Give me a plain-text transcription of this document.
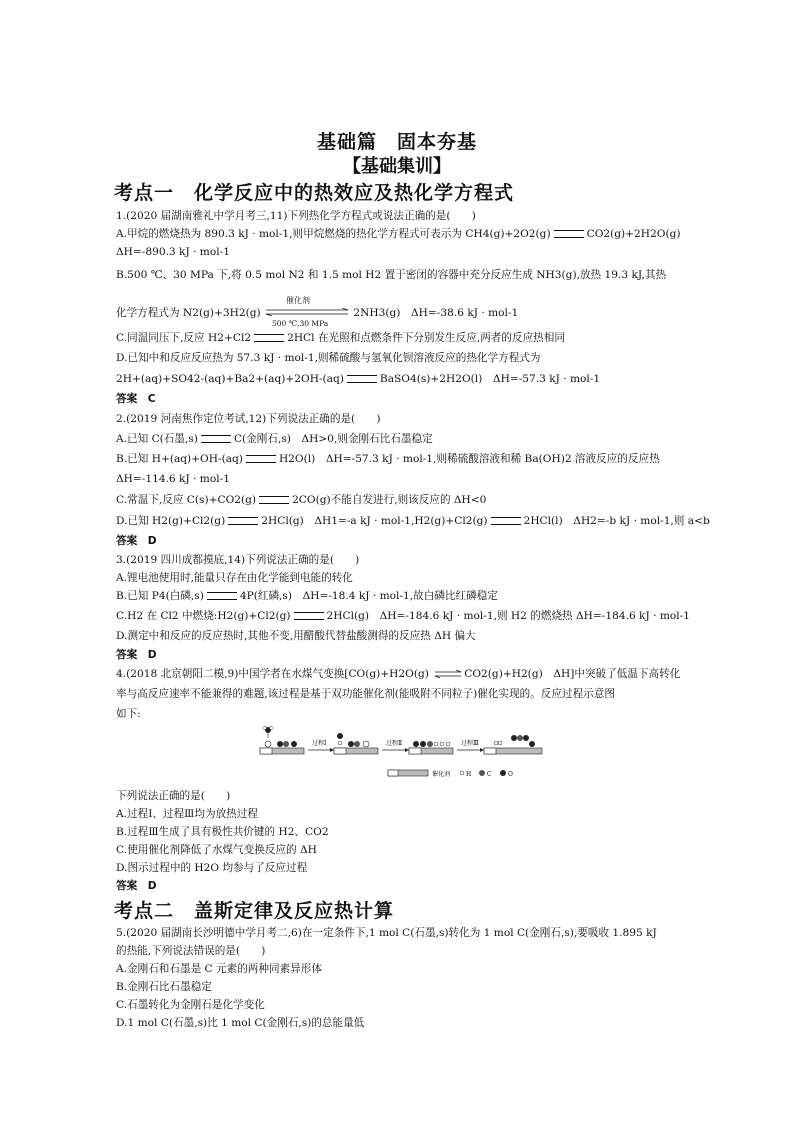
基础篇　固本夯基
【基础集训】
考点一　化学反应中的热效应及热化学方程式
1.(2020 届湖南雅礼中学月考三,11)下列热化学方程式或说法正确的是(　　)
A.甲烷的燃烧热为 890.3 kJ · mol-1,则甲烷燃烧的热化学方程式可表示为 CH4(g)+2O2(g)	CO2(g)+2H2O(g)
ΔH=-890.3 kJ · mol-1
B.500 ℃、30 MPa 下,将 0.5 mol N2 和 1.5 mol H2 置于密闭的容器中充分反应生成 NH3(g),放热 19.3 kJ,其热
化学方程式为 N2(g)+3H2(g)
催化剂
500 ℃,30 MPa
2NH3(g)　ΔH=-38.6 kJ · mol-1
C.同温同压下,反应 H2+Cl2	2HCl 在光照和点燃条件下分别发生反应,两者的反应热相同
D.已知中和反应反应热为 57.3 kJ · mol-1,则稀硫酸与氢氧化钡溶液反应的热化学方程式为
2H+(aq)+SO42-(aq)+Ba2+(aq)+2OH-(aq)	BaSO4(s)+2H2O(l)　ΔH=-57.3 kJ · mol-1
答案　C
2.(2019 河南焦作定位考试,12)下列说法正确的是(　　)
A.已知 C(石墨,s)	C(金刚石,s)　ΔH>0,则金刚石比石墨稳定
B.已知 H+(aq)+OH-(aq)	H2O(l)　ΔH=-57.3 kJ · mol-1,则稀硫酸溶液和稀 Ba(OH)2 溶液反应的反应热
ΔH=-114.6 kJ · mol-1
C.常温下,反应 C(s)+CO2(g)	2CO(g)不能自发进行,则该反应的 ΔH<0
D.已知 H2(g)+Cl2(g)	2HCl(g)　ΔH1=-a kJ · mol-1,H2(g)+Cl2(g)	2HCl(l)　ΔH2=-b kJ · mol-1,则 a<b
答案　D
3.(2019 四川成都摸底,14)下列说法正确的是(　　)
A.锂电池使用时,能量只存在由化学能到电能的转化
B.已知 P4(白磷,s)	4P(红磷,s)　ΔH=-18.4 kJ · mol-1,故白磷比红磷稳定
C.H2 在 Cl2 中燃烧:H2(g)+Cl2(g)	2HCl(g)　ΔH=-184.6 kJ · mol-1,则 H2 的燃烧热 ΔH=-184.6 kJ · mol-1
D.测定中和反应的反应热时,其他不变,用醋酸代替盐酸测得的反应热 ΔH 偏大
答案　D
4.(2018 北京朝阳二模,9)中国学者在水煤气变换[CO(g)+H2O(g) ⇌ CO2(g)+H2(g)　ΔH]中突破了低温下高转化
率与高反应速率不能兼得的难题,该过程是基于双功能催化剂(能吸附不同粒子)催化实现的。反应过程示意图
如下:
过程Ⅰ	过程Ⅱ	过程Ⅲ
催化剂	H	C	O
下列说法正确的是(　　)
A.过程Ⅰ、过程Ⅲ均为放热过程
B.过程Ⅲ生成了具有极性共价键的 H2、CO2
C.使用催化剂降低了水煤气变换反应的 ΔH
D.图示过程中的 H2O 均参与了反应过程
答案　D
考点二　盖斯定律及反应热计算
5.(2020 届湖南长沙明德中学月考二,6)在一定条件下,1 mol C(石墨,s)转化为 1 mol C(金刚石,s),要吸收 1.895 kJ
的热能,下列说法错误的是(　　)
A.金刚石和石墨是 C 元素的两种同素异形体
B.金刚石比石墨稳定
C.石墨转化为金刚石是化学变化
D.1 mol C(石墨,s)比 1 mol C(金刚石,s)的总能量低
